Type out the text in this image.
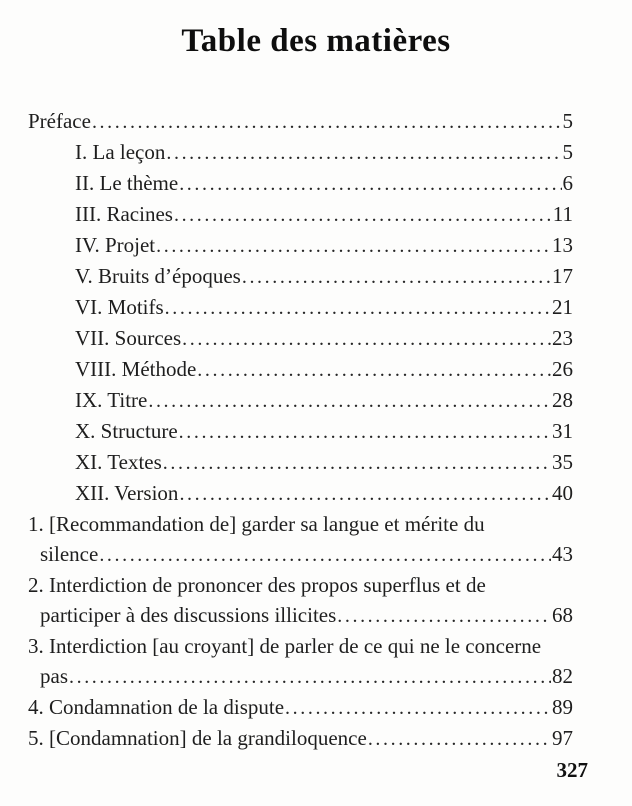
Table des matières
Préface .....	5
I. La leçon .....	5
II. Le thème .....	6
III. Racines .....	11
IV. Projet .....	13
V. Bruits d’époques .....	17
VI. Motifs .....	21
VII. Sources .....	23
VIII. Méthode .....	26
IX. Titre .....	28
X. Structure .....	31
XI. Textes .....	35
XII. Version .....	40
1. [Recommandation de] garder sa langue et mérite du
silence .....	43
2. Interdiction de prononcer des propos superflus et de
participer à des discussions illicites .....	68
3. Interdiction [au croyant] de parler de ce qui ne le concerne
pas .....	82
4. Condamnation de la dispute .....	89
5. [Condamnation] de la grandiloquence .....	97
327
